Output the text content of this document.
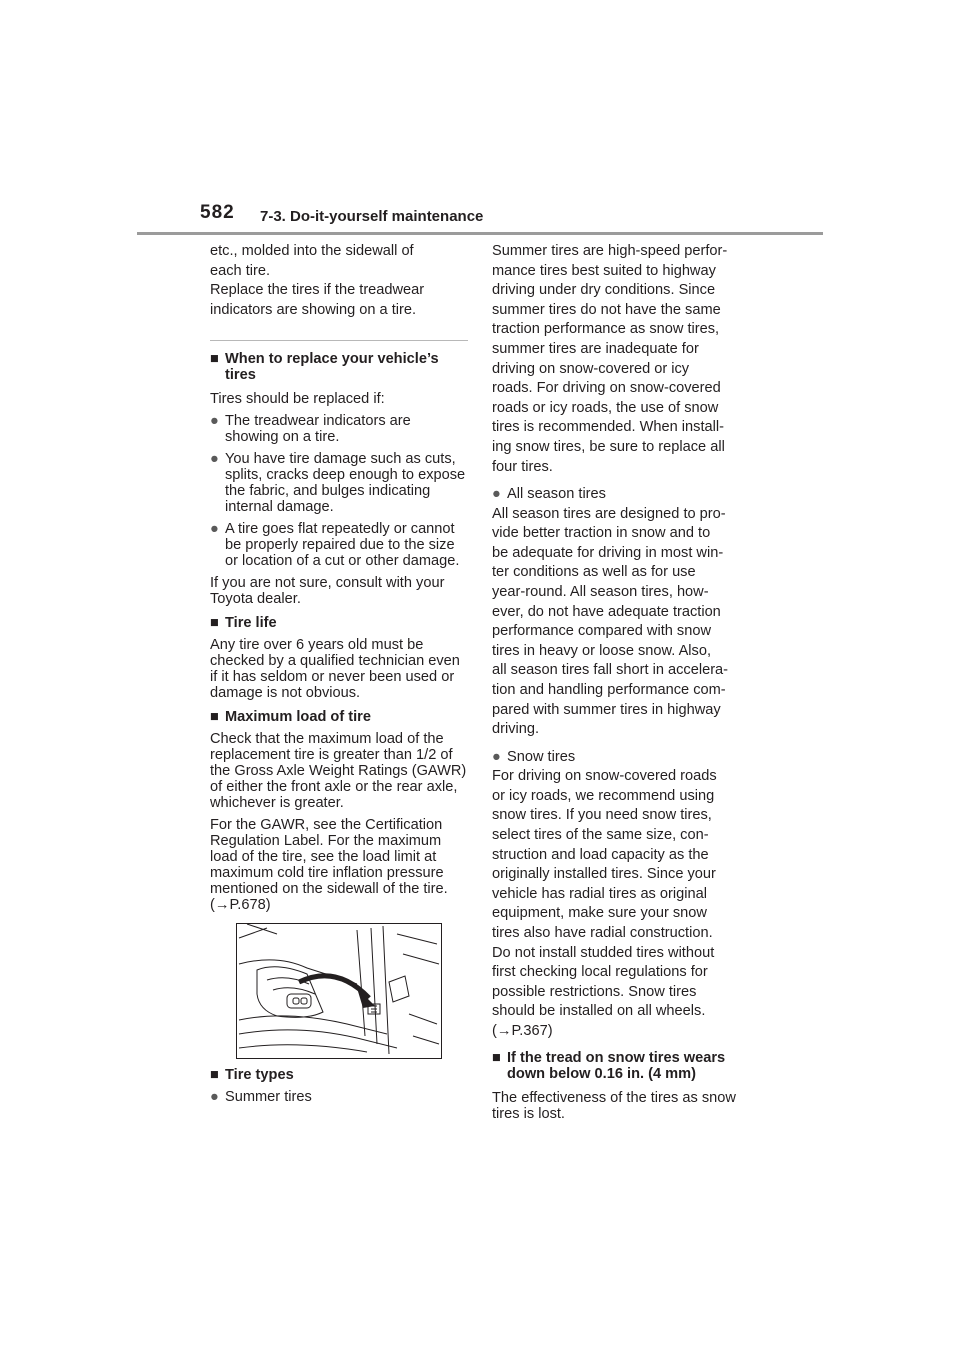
582 7-3. Do-it-yourself maintenance

etc., molded into the sidewall of

each tire.

Replace the tires if the treadwear

indicators are showing on a tire.

■ When to replace your vehicle’s tires

Tires should be replaced if:

● The treadwear indicators are showing on a tire.
● You have tire damage such as cuts, splits, cracks deep enough to expose the fabric, and bulges indicating internal damage.
● A tire goes flat repeatedly or cannot be properly repaired due to the size or location of a cut or other damage.

If you are not sure, consult with your Toyota dealer.

■ Tire life

Any tire over 6 years old must be checked by a qualified technician even if it has seldom or never been used or damage is not obvious.

■ Maximum load of tire

Check that the maximum load of the replacement tire is greater than 1/2 of the Gross Axle Weight Ratings (GAWR) of either the front axle or the rear axle, whichever is greater.

For the GAWR, see the Certification Regulation Label. For the maximum load of the tire, see the load limit at maximum cold tire inflation pressure mentioned on the sidewall of the tire. (→P.678)

■ Tire types
● Summer tires

Summer tires are high-speed perfor-

mance tires best suited to highway

driving under dry conditions. Since

summer tires do not have the same

traction performance as snow tires,

summer tires are inadequate for

driving on snow-covered or icy

roads. For driving on snow-covered

roads or icy roads, the use of snow

tires is recommended. When install-

ing snow tires, be sure to replace all

four tires.

● All season tires

All season tires are designed to pro-

vide better traction in snow and to

be adequate for driving in most win-

ter conditions as well as for use

year-round. All season tires, how-

ever, do not have adequate traction

performance compared with snow

tires in heavy or loose snow. Also,

all season tires fall short in accelera-

tion and handling performance com-

pared with summer tires in highway

driving.

● Snow tires

For driving on snow-covered roads

or icy roads, we recommend using

snow tires. If you need snow tires,

select tires of the same size, con-

struction and load capacity as the

originally installed tires. Since your

vehicle has radial tires as original

equipment, make sure your snow

tires also have radial construction.

Do not install studded tires without

first checking local regulations for

possible restrictions. Snow tires

should be installed on all wheels.

(→P.367)

■ If the tread on snow tires wears down below 0.16 in. (4 mm)

The effectiveness of the tires as snow tires is lost.
